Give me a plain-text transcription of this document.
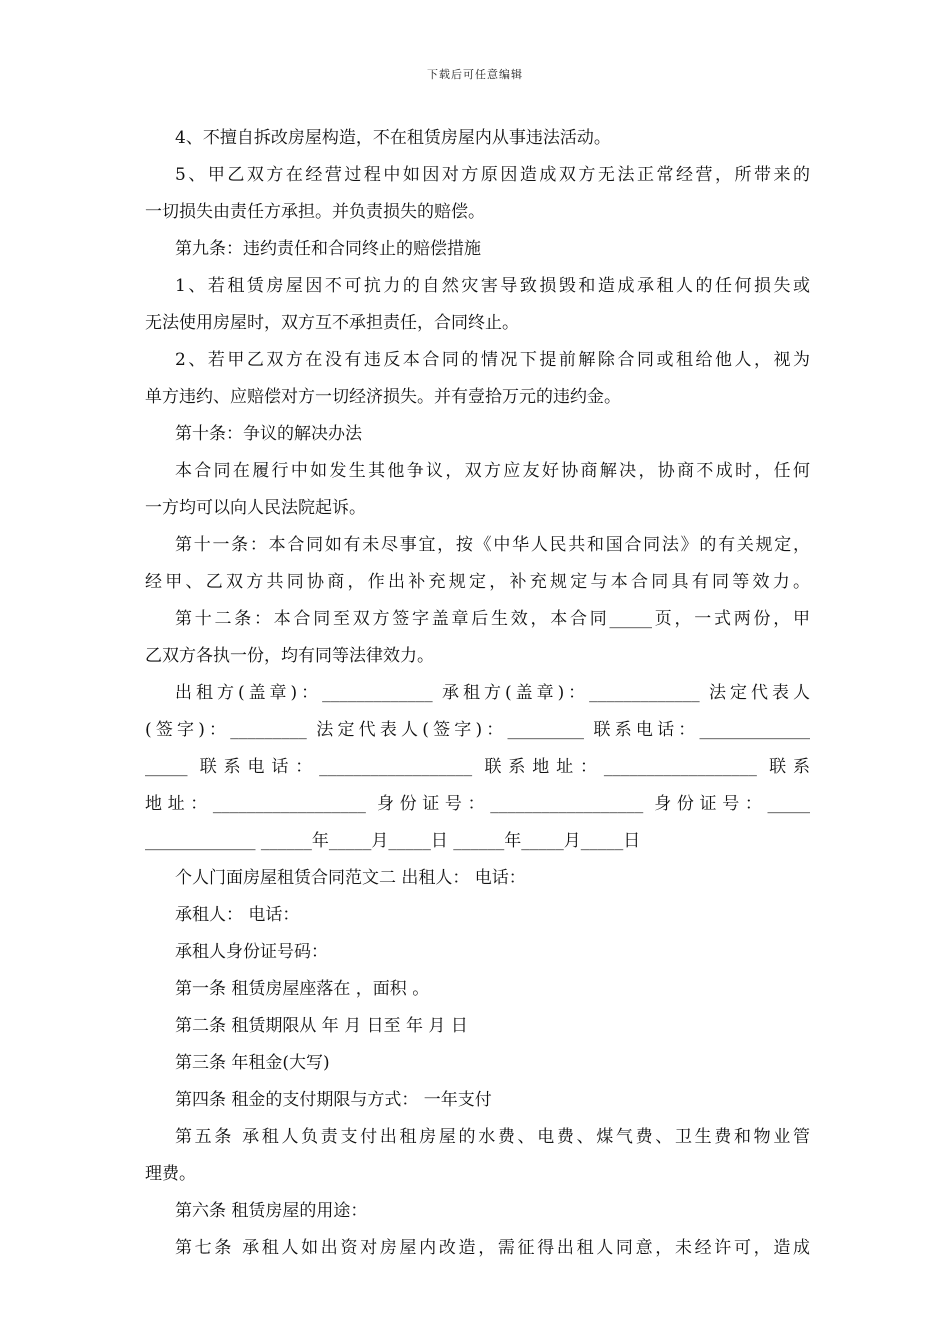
下载后可任意编辑
4、不擅自拆改房屋构造，不在租赁房屋内从事违法活动。
5、甲乙双方在经营过程中如因对方原因造成双方无法正常经营，所带来的
一切损失由责任方承担。并负责损失的赔偿。
第九条：违约责任和合同终止的赔偿措施
1、若租赁房屋因不可抗力的自然灾害导致损毁和造成承租人的任何损失或
无法使用房屋时，双方互不承担责任，合同终止。
2、若甲乙双方在没有违反本合同的情况下提前解除合同或租给他人，视为
单方违约、应赔偿对方一切经济损失。并有壹拾万元的违约金。
第十条：争议的解决办法
本合同在履行中如发生其他争议，双方应友好协商解决，协商不成时，任何
一方均可以向人民法院起诉。
第十一条：本合同如有未尽事宜，按《中华人民共和国合同法》的有关规定，
经甲、乙双方共同协商，作出补充规定，补充规定与本合同具有同等效力。
第十二条：本合同至双方签字盖章后生效，本合同_____页，一式两份，甲
乙双方各执一份，均有同等法律效力。
出租方(盖章)：_____________ 承租方(盖章)：_____________ 法定代表人
(签字)：_________ 法定代表人(签字)：_________ 联系电话：_____________
_____ 联系电话：__________________ 联系地址：__________________ 联系
地址：__________________ 身份证号：__________________ 身份证号：_____
_____________ ______年_____月_____日 ______年_____月_____日
个人门面房屋租赁合同范文二 出租人： 电话：
承租人： 电话：
承租人身份证号码：
第一条 租赁房屋座落在 ，面积 。
第二条 租赁期限从 年 月 日至 年 月 日
第三条 年租金(大写)
第四条 租金的支付期限与方式： 一年支付
第五条 承租人负责支付出租房屋的水费、电费、煤气费、卫生费和物业管
理费。
第六条 租赁房屋的用途：
第七条 承租人如出资对房屋内改造，需征得出租人同意，未经许可，造成
